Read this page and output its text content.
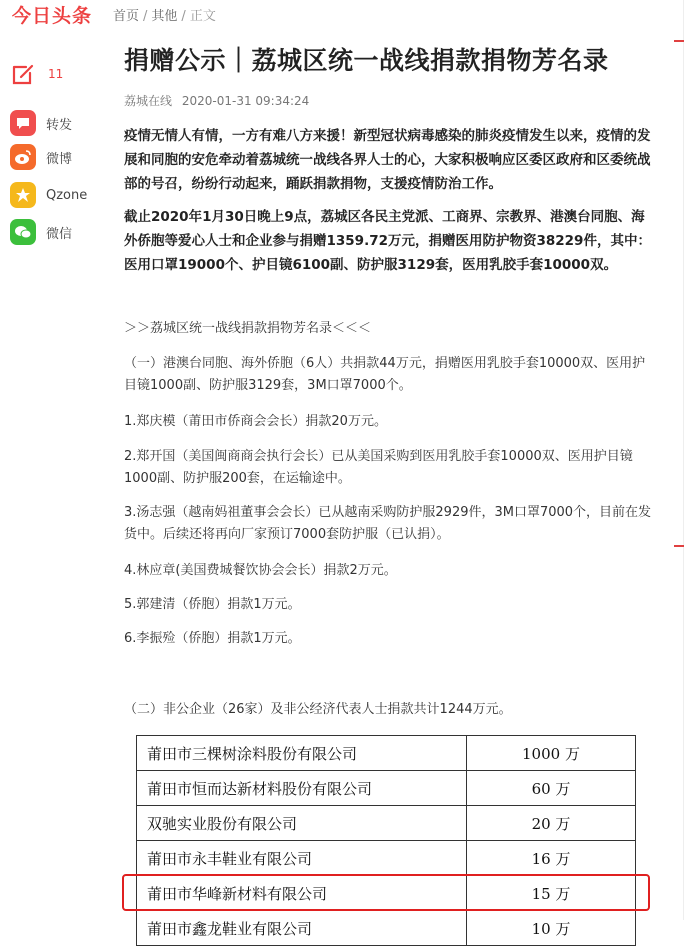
今日头条 首页 / 其他 / 正文
11
转发
微博
Qzone
微信
捐赠公示｜荔城区统一战线捐款捐物芳名录
荔城在线 2020-01-31 09:34:24

疫情无情人有情，一方有难八方来援！新型冠状病毒感染的肺炎疫情发生以来，疫情的发展和同胞的安危牵动着荔城统一战线各界人士的心，大家积极响应区委区政府和区委统战部的号召，纷纷行动起来，踊跃捐款捐物，支援疫情防治工作。

截止2020年1月30日晚上9点，荔城区各民主党派、工商界、宗教界、港澳台同胞、海外侨胞等爱心人士和企业参与捐赠1359.72万元，捐赠医用防护物资38229件，其中：医用口罩19000个、护目镜6100副、防护服3129套，医用乳胶手套10000双。

＞＞荔城区统一战线捐款捐物芳名录＜＜＜

（一）港澳台同胞、海外侨胞（6人）共捐款44万元，捐赠医用乳胶手套10000双、医用护目镜1000副、防护服3129套，3M口罩7000个。

1.郑庆模（莆田市侨商会会长）捐款20万元。

2.郑开国（美国闽商商会执行会长）已从美国采购到医用乳胶手套10000双、医用护目镜1000副、防护服200套，在运输途中。

3.汤志强（越南妈祖董事会会长）已从越南采购防护服2929件，3M口罩7000个，目前在发货中。后续还将再向厂家预订7000套防护服（已认捐）。

4.林应章(美国费城餐饮协会会长）捐款2万元。

5.郭建清（侨胞）捐款1万元。

6.李振殓（侨胞）捐款1万元。

（二）非公企业（26家）及非公经济代表人士捐款共计1244万元。

莆田市三棵树涂料股份有限公司	1000 万
莆田市恒而达新材料股份有限公司	60 万
双驰实业股份有限公司	20 万
莆田市永丰鞋业有限公司	16 万
莆田市华峰新材料有限公司	15 万
莆田市鑫龙鞋业有限公司	10 万
